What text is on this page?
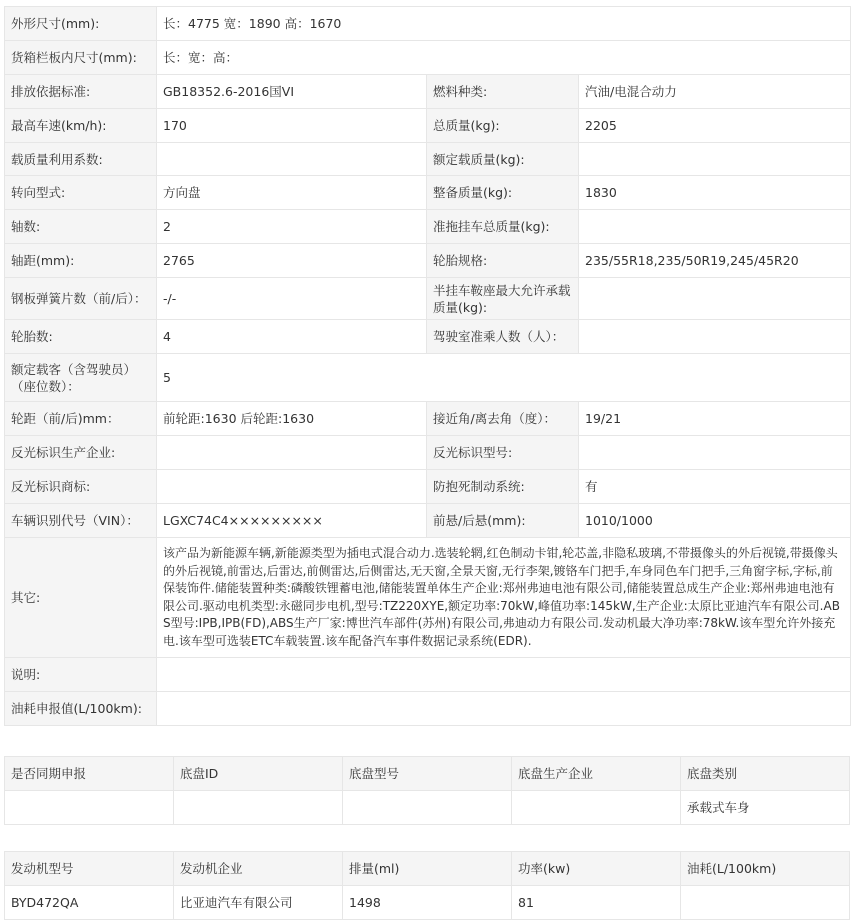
外形尺寸(mm):	长：4775 宽：1890 高：1670		
货箱栏板内尺寸(mm):	长：宽：高：		
排放依据标准:	GB18352.6-2016国VI	燃料种类:	汽油/电混合动力
最高车速(km/h):	170	总质量(kg):	2205
载质量利用系数:		额定载质量(kg):	
转向型式:	方向盘	整备质量(kg):	1830
轴数:	2	准拖挂车总质量(kg):	
轴距(mm):	2765	轮胎规格:	235/55R18,235/50R19,245/45R20
钢板弹簧片数（前/后）：	-/-	半挂车鞍座最大允许承载质量(kg):	
轮胎数:	4	驾驶室准乘人数（人）：	
额定载客（含驾驶员）（座位数）：	5		
轮距（前/后)mm：	前轮距:1630 后轮距:1630	接近角/离去角（度）：	19/21
反光标识生产企业:		反光标识型号:	
反光标识商标:		防抱死制动系统:	有
车辆识别代号（VIN）：	LGXC74C4×××××××××	前悬/后悬(mm):	1010/1000
其它:	该产品为新能源车辆,新能源类型为插电式混合动力.选装轮辋,红色制动卡钳,轮芯盖,非隐私玻璃,不带摄像头的外后视镜,带摄像头的外后视镜,前雷达,后雷达,前侧雷达,后侧雷达,无天窗,全景天窗,无行李架,镀铬车门把手,车身同色车门把手,三角窗字标,字标,前保装饰件.储能装置种类:磷酸铁锂蓄电池,储能装置单体生产企业:郑州弗迪电池有限公司,储能装置总成生产企业:郑州弗迪电池有限公司.驱动电机类型:永磁同步电机,型号:TZ220XYE,额定功率:70kW,峰值功率:145kW,生产企业:太原比亚迪汽车有限公司.ABS型号:IPB,IPB(FD),ABS生产厂家:博世汽车部件(苏州)有限公司,弗迪动力有限公司.发动机最大净功率:78kW.该车型允许外接充电.该车型可选装ETC车载装置.该车配备汽车事件数据记录系统(EDR).		
说明:			
油耗申报值(L/100km):			
是否同期申报	底盘ID	底盘型号	底盘生产企业	底盘类别
				承载式车身
发动机型号	发动机企业	排量(ml)	功率(kw)	油耗(L/100km)
BYD472QA	比亚迪汽车有限公司	1498	81	
